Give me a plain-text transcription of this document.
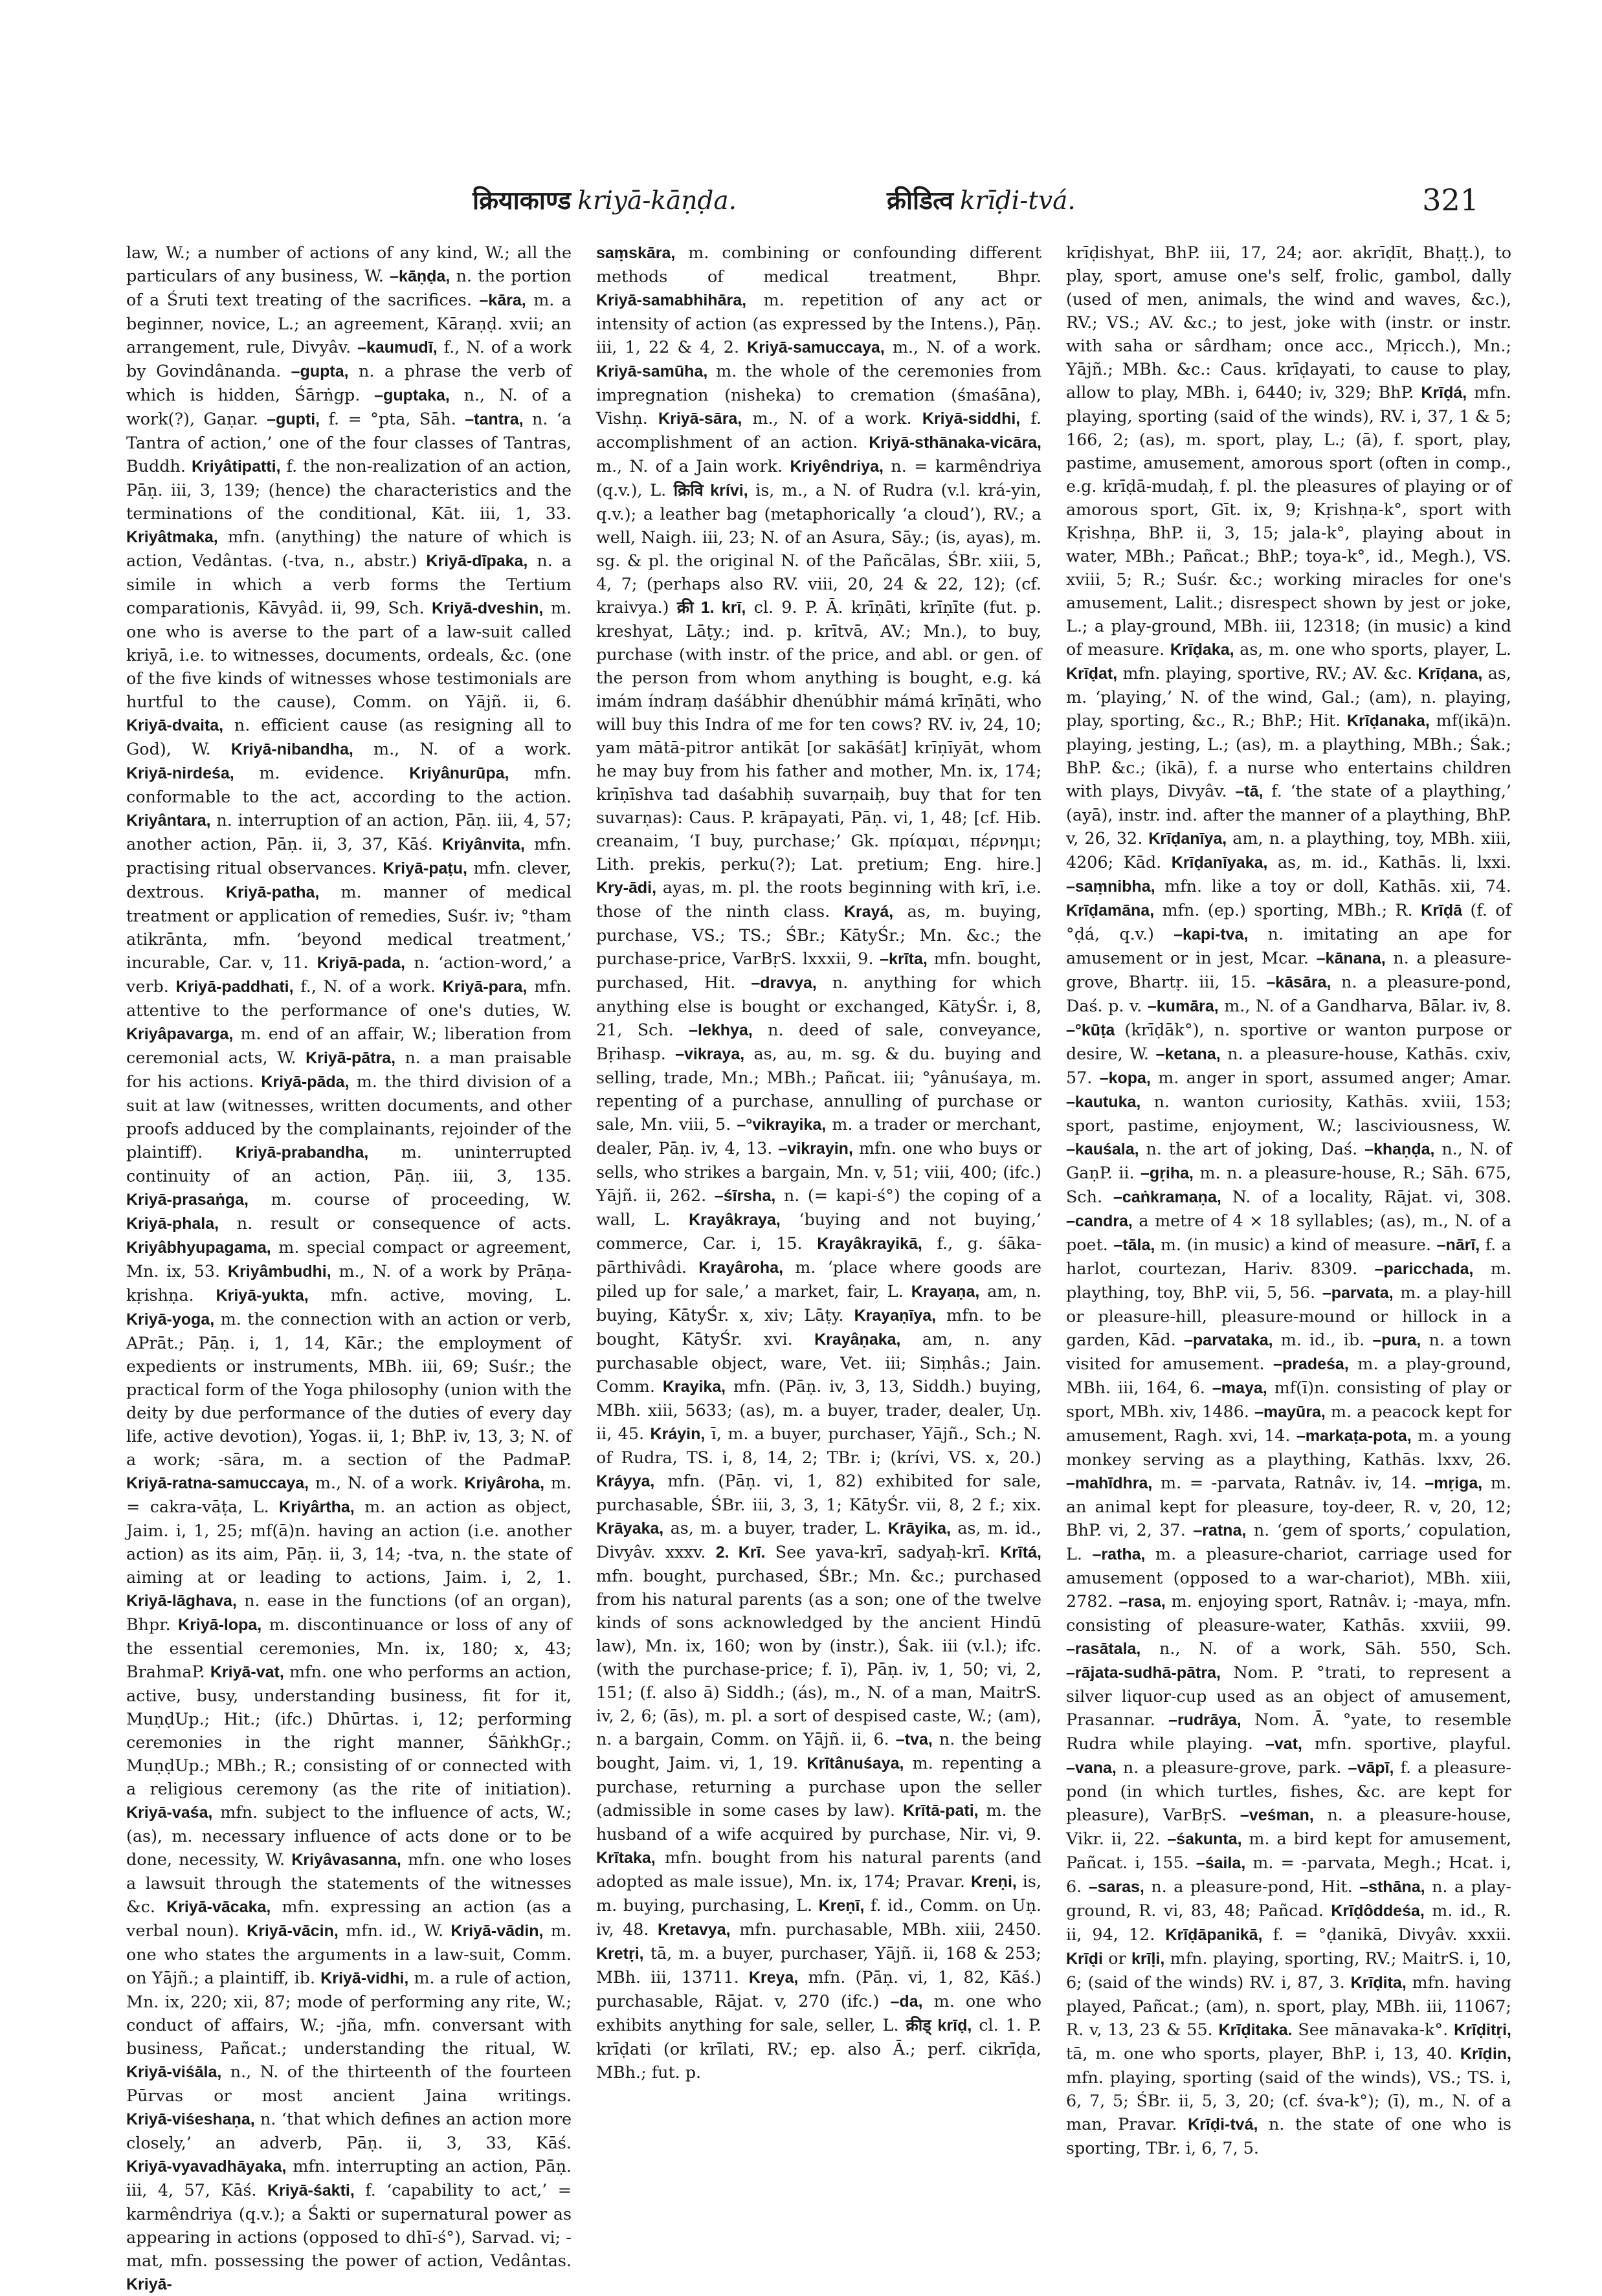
क्रियाकाण्ड kriyā-kāṇḍa.	क्रीडित्व krīḍi-tvá.	321

law, W.; a number of actions of any kind, W.; all the particulars of any business, W. –kāṇḍa, n. the portion of a Śruti text treating of the sacrifices. –kāra, m. a beginner, novice, L.; an agreement, Kāraṇḍ. xvii; an arrangement, rule, Divyâv. –kaumudī, f., N. of a work by Govindânanda. –gupta, n. a phrase the verb of which is hidden, Śārṅgp. –guptaka, n., N. of a work(?), Gaṇar. –gupti, f. = °pta, Sāh. –tantra, n. ‘a Tantra of action,’ one of the four classes of Tantras, Buddh. Kriyâtipatti, f. the non-realization of an action, Pāṇ. iii, 3, 139; (hence) the characteristics and the terminations of the conditional, Kāt. iii, 1, 33. Kriyâtmaka, mfn. (anything) the nature of which is action, Vedântas. (-tva, n., abstr.) Kriyā-dīpaka, n. a simile in which a verb forms the Tertium comparationis, Kāvyâd. ii, 99, Sch. Kriyā-dveshin, m. one who is averse to the part of a law-suit called kriyā, i.e. to witnesses, documents, ordeals, &c. (one of the five kinds of witnesses whose testimonials are hurtful to the cause), Comm. on Yājñ. ii, 6. Kriyā-dvaita, n. efficient cause (as resigning all to God), W. Kriyā-nibandha, m., N. of a work. Kriyā-nirdeśa, m. evidence. Kriyânurūpa, mfn. conformable to the act, according to the action. Kriyântara, n. interruption of an action, Pāṇ. iii, 4, 57; another action, Pāṇ. ii, 3, 37, Kāś. Kriyânvita, mfn. practising ritual observances. Kriyā-paṭu, mfn. clever, dextrous. Kriyā-patha, m. manner of medical treatment or application of remedies, Suśr. iv; °tham atikrānta, mfn. ‘beyond medical treatment,’ incurable, Car. v, 11. Kriyā-pada, n. ‘action-word,’ a verb. Kriyā-paddhati, f., N. of a work. Kriyā-para, mfn. attentive to the performance of one's duties, W. Kriyâpavarga, m. end of an affair, W.; liberation from ceremonial acts, W. Kriyā-pātra, n. a man praisable for his actions. Kriyā-pāda, m. the third division of a suit at law (witnesses, written documents, and other proofs adduced by the complainants, rejoinder of the plaintiff). Kriyā-prabandha, m. uninterrupted continuity of an action, Pāṇ. iii, 3, 135. Kriyā-prasaṅga, m. course of proceeding, W. Kriyā-phala, n. result or consequence of acts. Kriyâbhyupagama, m. special compact or agreement, Mn. ix, 53. Kriyâmbudhi, m., N. of a work by Prāṇa-kṛishṇa. Kriyā-yukta, mfn. active, moving, L. Kriyā-yoga, m. the connection with an action or verb, APrāt.; Pāṇ. i, 1, 14, Kār.; the employment of expedients or instruments, MBh. iii, 69; Suśr.; the practical form of the Yoga philosophy (union with the deity by due performance of the duties of every day life, active devotion), Yogas. ii, 1; BhP. iv, 13, 3; N. of a work; -sāra, m. a section of the PadmaP. Kriyā-ratna-samuccaya, m., N. of a work. Kriyâroha, m. = cakra-vāṭa, L. Kriyârtha, m. an action as object, Jaim. i, 1, 25; mf(ā)n. having an action (i.e. another action) as its aim, Pāṇ. ii, 3, 14; -tva, n. the state of aiming at or leading to actions, Jaim. i, 2, 1. Kriyā-lāghava, n. ease in the functions (of an organ), Bhpr. Kriyā-lopa, m. discontinuance or loss of any of the essential ceremonies, Mn. ix, 180; x, 43; BrahmaP. Kriyā-vat, mfn. one who performs an action, active, busy, understanding business, fit for it, MuṇḍUp.; Hit.; (ifc.) Dhūrtas. i, 12; performing ceremonies in the right manner, ŚāṅkhGṛ.; MuṇḍUp.; MBh.; R.; consisting of or connected with a religious ceremony (as the rite of initiation). Kriyā-vaśa, mfn. subject to the influence of acts, W.; (as), m. necessary influence of acts done or to be done, necessity, W. Kriyâvasanna, mfn. one who loses a lawsuit through the statements of the witnesses &c. Kriyā-vācaka, mfn. expressing an action (as a verbal noun). Kriyā-vācin, mfn. id., W. Kriyā-vādin, m. one who states the arguments in a law-suit, Comm. on Yājñ.; a plaintiff, ib. Kriyā-vidhi, m. a rule of action, Mn. ix, 220; xii, 87; mode of performing any rite, W.; conduct of affairs, W.; -jña, mfn. conversant with business, Pañcat.; understanding the ritual, W. Kriyā-viśāla, n., N. of the thirteenth of the fourteen Pūrvas or most ancient Jaina writings. Kriyā-viśeshaṇa, n. ‘that which defines an action more closely,’ an adverb, Pāṇ. ii, 3, 33, Kāś. Kriyā-vyavadhāyaka, mfn. interrupting an action, Pāṇ. iii, 4, 57, Kāś. Kriyā-śakti, f. ‘capability to act,’ = karmêndriya (q.v.); a Śakti or supernatural power as appearing in actions (opposed to dhī-ś°), Sarvad. vi; -mat, mfn. possessing the power of action, Vedântas. Kriyā-

saṃskāra, m. combining or confounding different methods of medical treatment, Bhpr. Kriyā-samabhihāra, m. repetition of any act or intensity of action (as expressed by the Intens.), Pāṇ. iii, 1, 22 & 4, 2. Kriyā-samuccaya, m., N. of a work. Kriyā-samūha, m. the whole of the ceremonies from impregnation (nisheka) to cremation (śmaśāna), Vishṇ. Kriyā-sāra, m., N. of a work. Kriyā-siddhi, f. accomplishment of an action. Kriyā-sthānaka-vicāra, m., N. of a Jain work. Kriyêndriya, n. = karmêndriya (q.v.), L. क्रिवि krívi, is, m., a N. of Rudra (v.l. krá-yin, q.v.); a leather bag (metaphorically ‘a cloud’), RV.; a well, Naigh. iii, 23; N. of an Asura, Sāy.; (is, ayas), m. sg. & pl. the original N. of the Pañcālas, ŚBr. xiii, 5, 4, 7; (perhaps also RV. viii, 20, 24 & 22, 12); (cf. kraivya.) क्री 1. krī, cl. 9. P. Ā. krīṇāti, krīṇīte (fut. p. kreshyat, Lāṭy.; ind. p. krītvā, AV.; Mn.), to buy, purchase (with instr. of the price, and abl. or gen. of the person from whom anything is bought, e.g. ká imám índraṃ daśábhir dhenúbhir mámá krīṇāti, who will buy this Indra of me for ten cows? RV. iv, 24, 10; yam mātā-pitror antikāt [or sakāśāt] krīṇīyāt, whom he may buy from his father and mother, Mn. ix, 174; krīṇīshva tad daśabhiḥ suvarṇaiḥ, buy that for ten suvarṇas): Caus. P. krāpayati, Pāṇ. vi, 1, 48; [cf. Hib. creanaim, ‘I buy, purchase;’ Gk. πρίαμαι, πέρνημι; Lith. prekis, perku(?); Lat. pretium; Eng. hire.] Kry-ādi, ayas, m. pl. the roots beginning with krī, i.e. those of the ninth class. Krayá, as, m. buying, purchase, VS.; TS.; ŚBr.; KātyŚr.; Mn. &c.; the purchase-price, VarBṛS. lxxxii, 9. –krīta, mfn. bought, purchased, Hit. –dravya, n. anything for which anything else is bought or exchanged, KātyŚr. i, 8, 21, Sch. –lekhya, n. deed of sale, conveyance, Bṛihasp. –vikraya, as, au, m. sg. & du. buying and selling, trade, Mn.; MBh.; Pañcat. iii; °yânuśaya, m. repenting of a purchase, annulling of purchase or sale, Mn. viii, 5. –°vikrayika, m. a trader or merchant, dealer, Pāṇ. iv, 4, 13. –vikrayin, mfn. one who buys or sells, who strikes a bargain, Mn. v, 51; viii, 400; (ifc.) Yājñ. ii, 262. –śīrsha, n. (= kapi-ś°) the coping of a wall, L. Krayâkraya, ‘buying and not buying,’ commerce, Car. i, 15. Krayâkrayikā, f., g. śāka-pārthivâdi. Krayâroha, m. ‘place where goods are piled up for sale,’ a market, fair, L. Krayaṇa, am, n. buying, KātyŚr. x, xiv; Lāṭy. Krayaṇīya, mfn. to be bought, KātyŚr. xvi. Krayâṇaka, am, n. any purchasable object, ware, Vet. iii; Siṃhâs.; Jain. Comm. Krayika, mfn. (Pāṇ. iv, 3, 13, Siddh.) buying, MBh. xiii, 5633; (as), m. a buyer, trader, dealer, Uṇ. ii, 45. Kráyin, ī, m. a buyer, purchaser, Yājñ., Sch.; N. of Rudra, TS. i, 8, 14, 2; TBr. i; (krívi, VS. x, 20.) Kráyya, mfn. (Pāṇ. vi, 1, 82) exhibited for sale, purchasable, ŚBr. iii, 3, 3, 1; KātyŚr. vii, 8, 2 f.; xix. Krāyaka, as, m. a buyer, trader, L. Krāyika, as, m. id., Divyâv. xxxv. 2. Krī. See yava-krī, sadyaḥ-krī. Krītá, mfn. bought, purchased, ŚBr.; Mn. &c.; purchased from his natural parents (as a son; one of the twelve kinds of sons acknowledged by the ancient Hindū law), Mn. ix, 160; won by (instr.), Śak. iii (v.l.); ifc. (with the purchase-price; f. ī), Pāṇ. iv, 1, 50; vi, 2, 151; (f. also ā) Siddh.; (ás), m., N. of a man, MaitrS. iv, 2, 6; (ās), m. pl. a sort of despised caste, W.; (am), n. a bargain, Comm. on Yājñ. ii, 6. –tva, n. the being bought, Jaim. vi, 1, 19. Krītânuśaya, m. repenting a purchase, returning a purchase upon the seller (admissible in some cases by law). Krītā-pati, m. the husband of a wife acquired by purchase, Nir. vi, 9. Krītaka, mfn. bought from his natural parents (and adopted as male issue), Mn. ix, 174; Pravar. Kreṇi, is, m. buying, purchasing, L. Kreṇī, f. id., Comm. on Uṇ. iv, 48. Kretavya, mfn. purchasable, MBh. xiii, 2450. Kretṛi, tā, m. a buyer, purchaser, Yājñ. ii, 168 & 253; MBh. iii, 13711. Kreya, mfn. (Pāṇ. vi, 1, 82, Kāś.) purchasable, Rājat. v, 270 (ifc.) –da, m. one who exhibits anything for sale, seller, L. क्रीड् krīḍ, cl. 1. P. krīḍati (or krīlati, RV.; ep. also Ā.; perf. cikrīḍa, MBh.; fut. p.

krīḍishyat, BhP. iii, 17, 24; aor. akrīḍīt, Bhaṭṭ.), to play, sport, amuse one's self, frolic, gambol, dally (used of men, animals, the wind and waves, &c.), RV.; VS.; AV. &c.; to jest, joke with (instr. or instr. with saha or sârdham; once acc., Mṛicch.), Mn.; Yājñ.; MBh. &c.: Caus. krīḍayati, to cause to play, allow to play, MBh. i, 6440; iv, 329; BhP. Krīḍá, mfn. playing, sporting (said of the winds), RV. i, 37, 1 & 5; 166, 2; (as), m. sport, play, L.; (ā), f. sport, play, pastime, amusement, amorous sport (often in comp., e.g. krīḍā-mudaḥ, f. pl. the pleasures of playing or of amorous sport, Gīt. ix, 9; Kṛishṇa-k°, sport with Kṛishṇa, BhP. ii, 3, 15; jala-k°, playing about in water, MBh.; Pañcat.; BhP.; toya-k°, id., Megh.), VS. xviii, 5; R.; Suśr. &c.; working miracles for one's amusement, Lalit.; disrespect shown by jest or joke, L.; a play-ground, MBh. iii, 12318; (in music) a kind of measure. Krīḍaka, as, m. one who sports, player, L. Krīḍat, mfn. playing, sportive, RV.; AV. &c. Krīḍana, as, m. ‘playing,’ N. of the wind, Gal.; (am), n. playing, play, sporting, &c., R.; BhP.; Hit. Krīḍanaka, mf(ikā)n. playing, jesting, L.; (as), m. a plaything, MBh.; Śak.; BhP. &c.; (ikā), f. a nurse who entertains children with plays, Divyâv. –tā, f. ‘the state of a plaything,’ (ayā), instr. ind. after the manner of a plaything, BhP. v, 26, 32. Krīḍanīya, am, n. a plaything, toy, MBh. xiii, 4206; Kād. Krīḍanīyaka, as, m. id., Kathās. li, lxxi. –saṃnibha, mfn. like a toy or doll, Kathās. xii, 74. Krīḍamāna, mfn. (ep.) sporting, MBh.; R. Krīḍā (f. of °ḍá, q.v.) –kapi-tva, n. imitating an ape for amusement or in jest, Mcar. –kānana, n. a pleasure-grove, Bhartṛ. iii, 15. –kāsāra, n. a pleasure-pond, Daś. p. v. –kumāra, m., N. of a Gandharva, Bālar. iv, 8. –°kūṭa (krīḍāk°), n. sportive or wanton purpose or desire, W. –ketana, n. a pleasure-house, Kathās. cxiv, 57. –kopa, m. anger in sport, assumed anger; Amar. –kautuka, n. wanton curiosity, Kathās. xviii, 153; sport, pastime, enjoyment, W.; lasciviousness, W. –kauśala, n. the art of joking, Daś. –khaṇḍa, n., N. of GaṇP. ii. –gṛiha, m. n. a pleasure-house, R.; Sāh. 675, Sch. –caṅkramaṇa, N. of a locality, Rājat. vi, 308. –candra, a metre of 4 × 18 syllables; (as), m., N. of a poet. –tāla, m. (in music) a kind of measure. –nārī, f. a harlot, courtezan, Hariv. 8309. –paricchada, m. plaything, toy, BhP. vii, 5, 56. –parvata, m. a play-hill or pleasure-hill, pleasure-mound or hillock in a garden, Kād. –parvataka, m. id., ib. –pura, n. a town visited for amusement. –pradeśa, m. a play-ground, MBh. iii, 164, 6. –maya, mf(ī)n. consisting of play or sport, MBh. xiv, 1486. –mayūra, m. a peacock kept for amusement, Ragh. xvi, 14. –markaṭa-pota, m. a young monkey serving as a plaything, Kathās. lxxv, 26. –mahīdhra, m. = -parvata, Ratnâv. iv, 14. –mṛiga, m. an animal kept for pleasure, toy-deer, R. v, 20, 12; BhP. vi, 2, 37. –ratna, n. ‘gem of sports,’ copulation, L. –ratha, m. a pleasure-chariot, carriage used for amusement (opposed to a war-chariot), MBh. xiii, 2782. –rasa, m. enjoying sport, Ratnâv. i; -maya, mfn. consisting of pleasure-water, Kathās. xxviii, 99. –rasātala, n., N. of a work, Sāh. 550, Sch. –rājata-sudhā-pātra, Nom. P. °trati, to represent a silver liquor-cup used as an object of amusement, Prasannar. –rudrāya, Nom. Ā. °yate, to resemble Rudra while playing. –vat, mfn. sportive, playful. –vana, n. a pleasure-grove, park. –vāpī, f. a pleasure-pond (in which turtles, fishes, &c. are kept for pleasure), VarBṛS. –veśman, n. a pleasure-house, Vikr. ii, 22. –śakunta, m. a bird kept for amusement, Pañcat. i, 155. –śaila, m. = -parvata, Megh.; Hcat. i, 6. –saras, n. a pleasure-pond, Hit. –sthāna, n. a play-ground, R. vi, 83, 48; Pañcad. Krīḍôddeśa, m. id., R. ii, 94, 12. Krīḍāpanikā, f. = °ḍanikā, Divyâv. xxxii. Krīḍi or krīḷi, mfn. playing, sporting, RV.; MaitrS. i, 10, 6; (said of the winds) RV. i, 87, 3. Krīḍita, mfn. having played, Pañcat.; (am), n. sport, play, MBh. iii, 11067; R. v, 13, 23 & 55. Krīḍitaka. See mānavaka-k°. Krīḍitṛi, tā, m. one who sports, player, BhP. i, 13, 40. Krīḍin, mfn. playing, sporting (said of the winds), VS.; TS. i, 6, 7, 5; ŚBr. ii, 5, 3, 20; (cf. śva-k°); (ī), m., N. of a man, Pravar. Krīḍi-tvá, n. the state of one who is sporting, TBr. i, 6, 7, 5.
